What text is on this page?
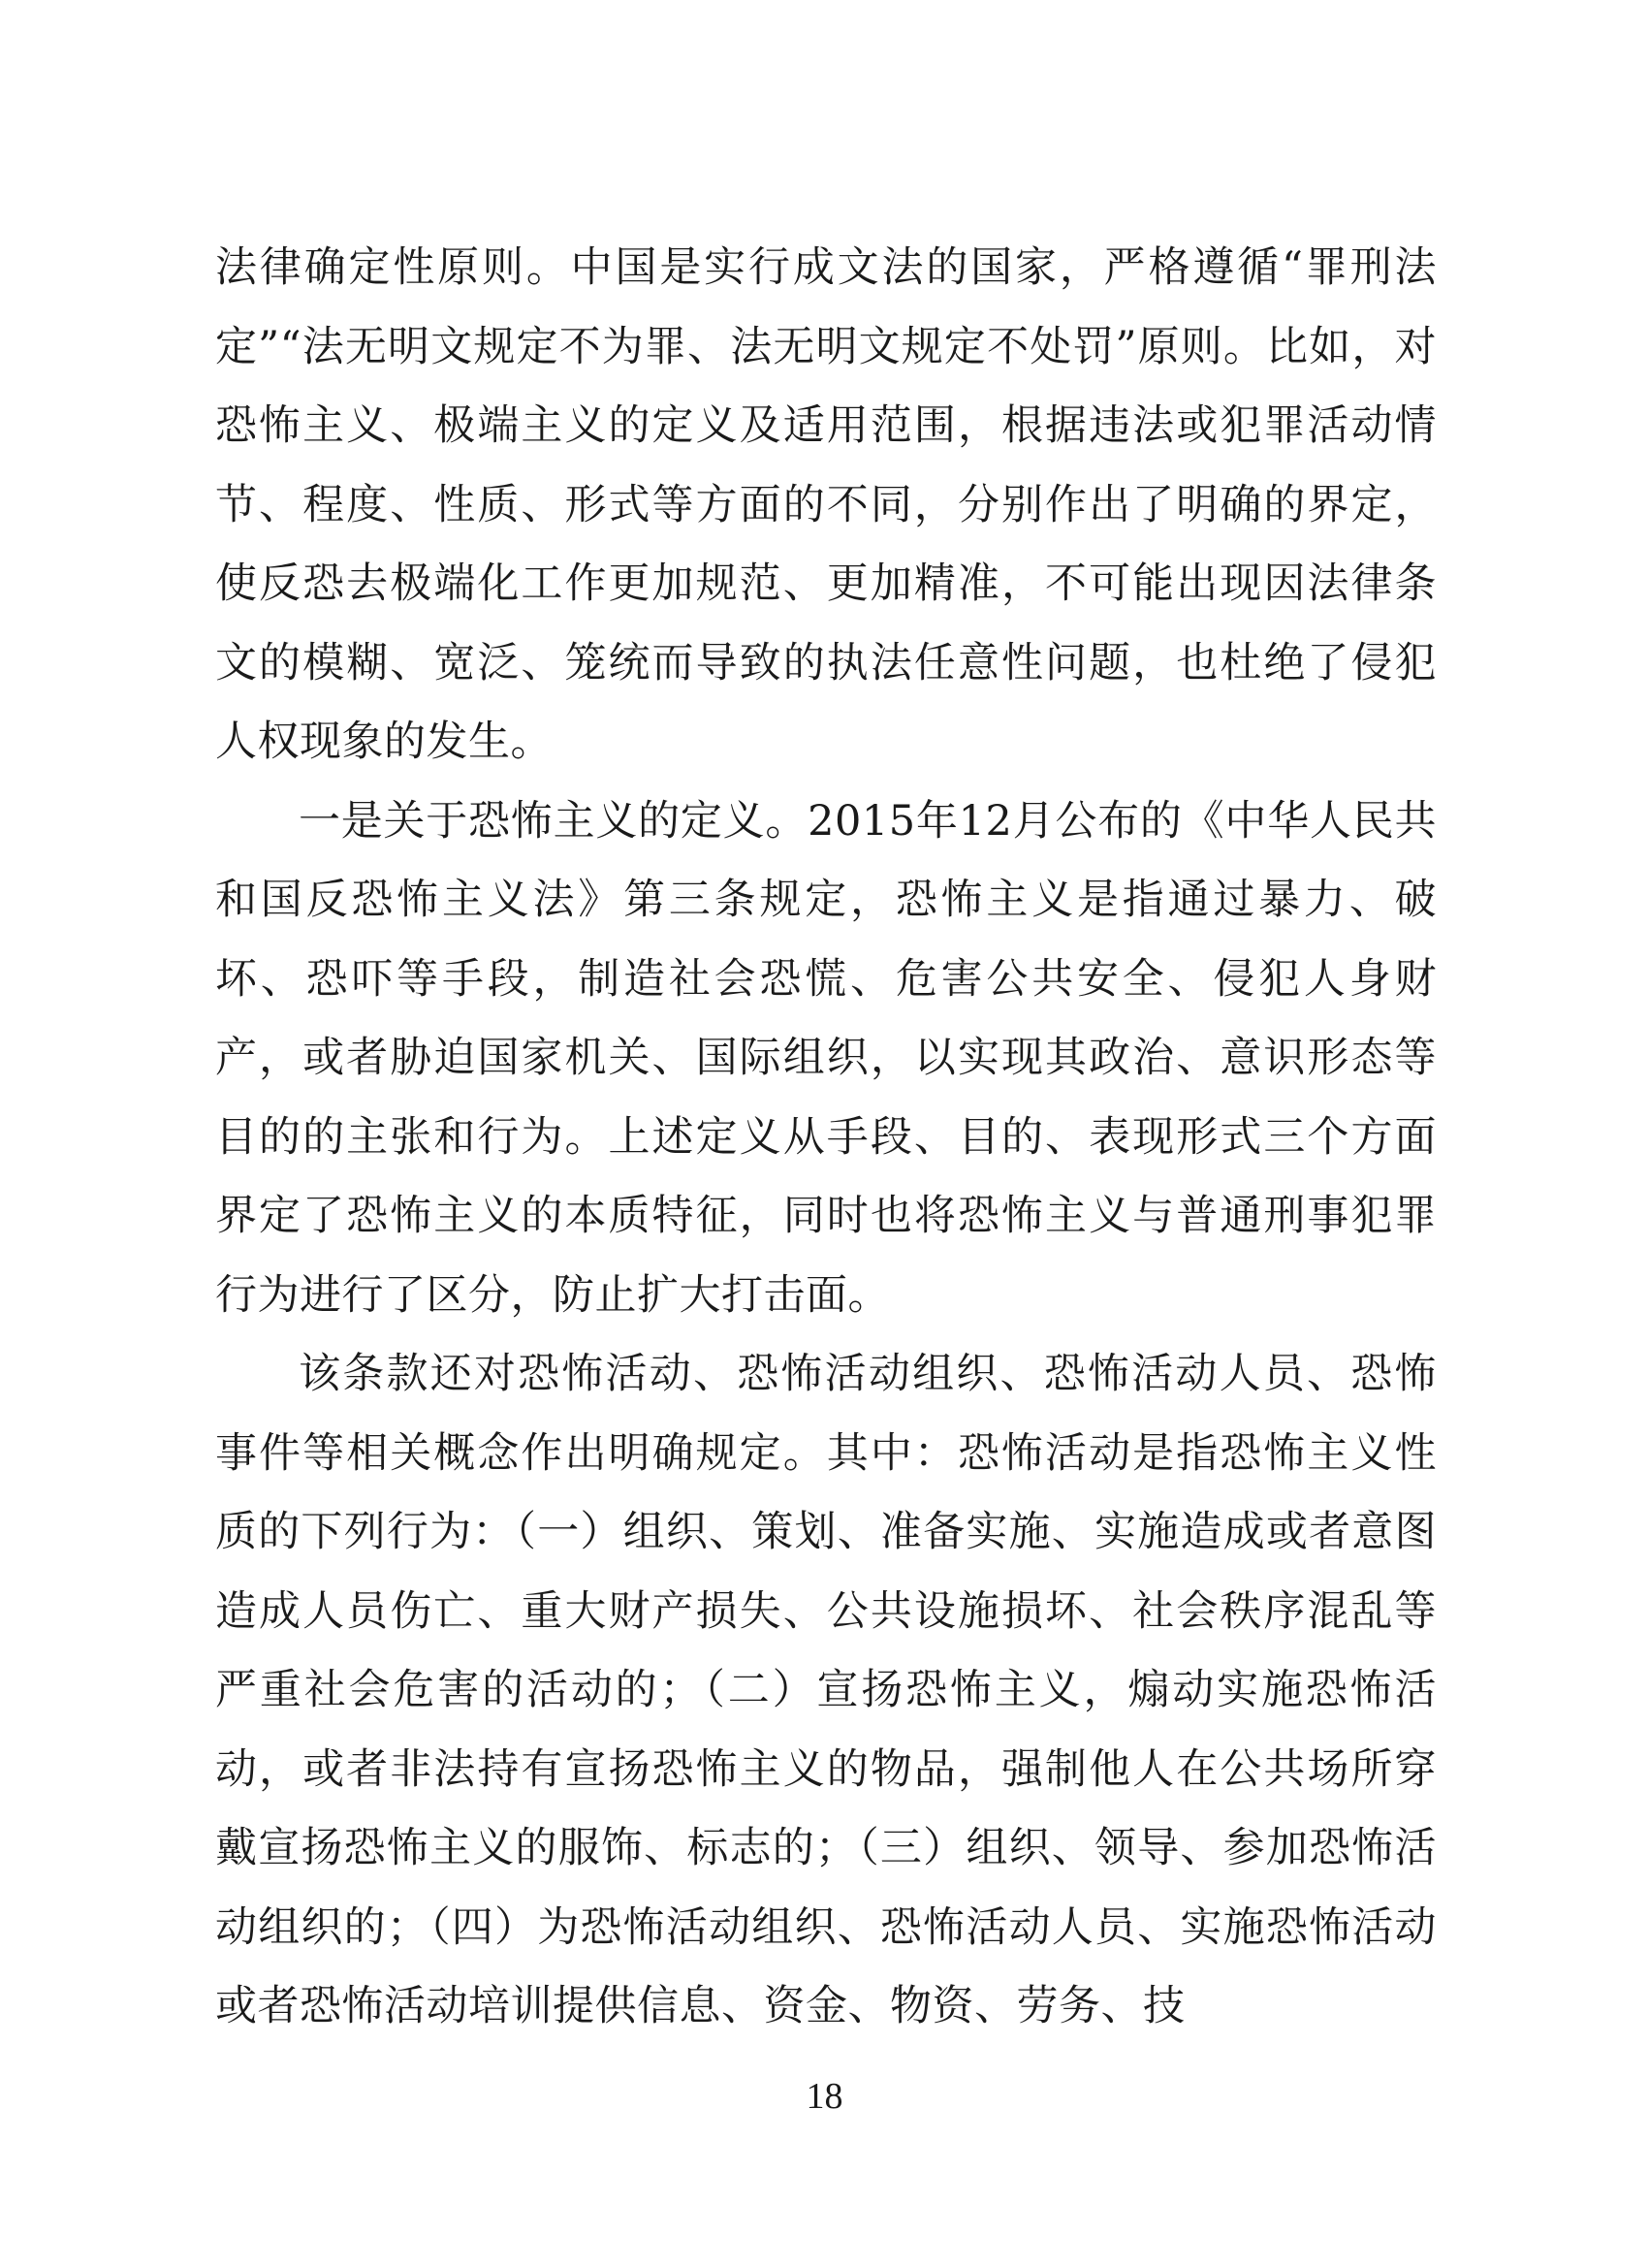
法律确定性原则。中国是实行成文法的国家，严格遵循“罪刑法定”“法无明文规定不为罪、法无明文规定不处罚”原则。比如，对恐怖主义、极端主义的定义及适用范围，根据违法或犯罪活动情节、程度、性质、形式等方面的不同，分别作出了明确的界定，使反恐去极端化工作更加规范、更加精准，不可能出现因法律条文的模糊、宽泛、笼统而导致的执法任意性问题，也杜绝了侵犯人权现象的发生。

一是关于恐怖主义的定义。2015年12月公布的《中华人民共和国反恐怖主义法》第三条规定，恐怖主义是指通过暴力、破坏、恐吓等手段，制造社会恐慌、危害公共安全、侵犯人身财产，或者胁迫国家机关、国际组织，以实现其政治、意识形态等目的的主张和行为。上述定义从手段、目的、表现形式三个方面界定了恐怖主义的本质特征，同时也将恐怖主义与普通刑事犯罪行为进行了区分，防止扩大打击面。

该条款还对恐怖活动、恐怖活动组织、恐怖活动人员、恐怖事件等相关概念作出明确规定。其中：恐怖活动是指恐怖主义性质的下列行为：（一）组织、策划、准备实施、实施造成或者意图造成人员伤亡、重大财产损失、公共设施损坏、社会秩序混乱等严重社会危害的活动的；（二）宣扬恐怖主义，煽动实施恐怖活动，或者非法持有宣扬恐怖主义的物品，强制他人在公共场所穿戴宣扬恐怖主义的服饰、标志的；（三）组织、领导、参加恐怖活动组织的；（四）为恐怖活动组织、恐怖活动人员、实施恐怖活动或者恐怖活动培训提供信息、资金、物资、劳务、技

18
